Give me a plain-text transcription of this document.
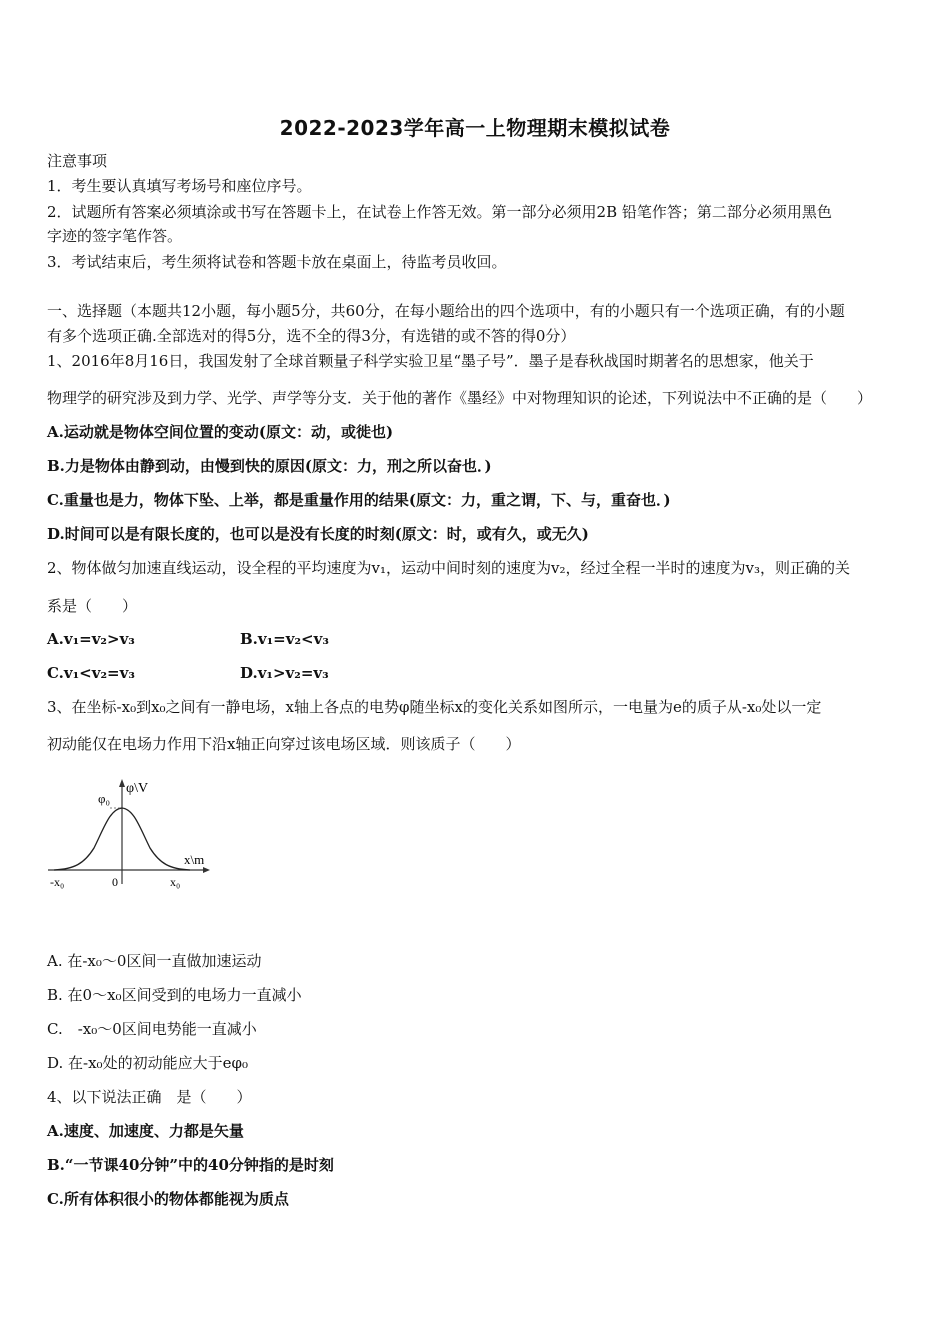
2022-2023学年高一上物理期末模拟试卷
注意事项
1．考生要认真填写考场号和座位序号。
2．试题所有答案必须填涂或书写在答题卡上，在试卷上作答无效。第一部分必须用2B 铅笔作答；第二部分必须用黑色
字迹的签字笔作答。
3．考试结束后，考生须将试卷和答题卡放在桌面上，待监考员收回。
一、选择题（本题共12小题，每小题5分，共60分，在每小题给出的四个选项中，有的小题只有一个选项正确，有的小题
有多个选项正确.全部选对的得5分，选不全的得3分，有选错的或不答的得0分）
1、2016年8月16日，我国发射了全球首颗量子科学实验卫星“墨子号”．墨子是春秋战国时期著名的思想家，他关于
物理学的研究涉及到力学、光学、声学等分支．关于他的著作《墨经》中对物理知识的论述，下列说法中不正确的是（　　）
A.运动就是物体空间位置的变动(原文：动，或徙也)
B.力是物体由静到动，由慢到快的原因(原文：力，刑之所以奋也．)
C.重量也是力，物体下坠、上举，都是重量作用的结果(原文：力，重之谓，下、与，重奋也．)
D.时间可以是有限长度的，也可以是没有长度的时刻(原文：时，或有久，或无久)
2、物体做匀加速直线运动，设全程的平均速度为v₁，运动中间时刻的速度为v₂，经过全程一半时的速度为v₃，则正确的关
系是（　　）
A.v₁=v₂>v₃	B.v₁=v₂<v₃
C.v₁<v₂=v₃	D.v₁>v₂=v₃
3、在坐标-x₀到x₀之间有一静电场，x轴上各点的电势φ随坐标x的变化关系如图所示，一电量为e的质子从-x₀处以一定
初动能仅在电场力作用下沿x轴正向穿过该电场区域．则该质子（　　）
φ\V
φ₀
x\m
-x₀	0	x₀
A. 在-x₀～0区间一直做加速运动
B. 在0～x₀区间受到的电场力一直减小
C.　-x₀～0区间电势能一直减小
D. 在-x₀处的初动能应大于eφ₀
4、以下说法正确　是（　　）
A.速度、加速度、力都是矢量
B.“一节课40分钟”中的40分钟指的是时刻
C.所有体积很小的物体都能视为质点
